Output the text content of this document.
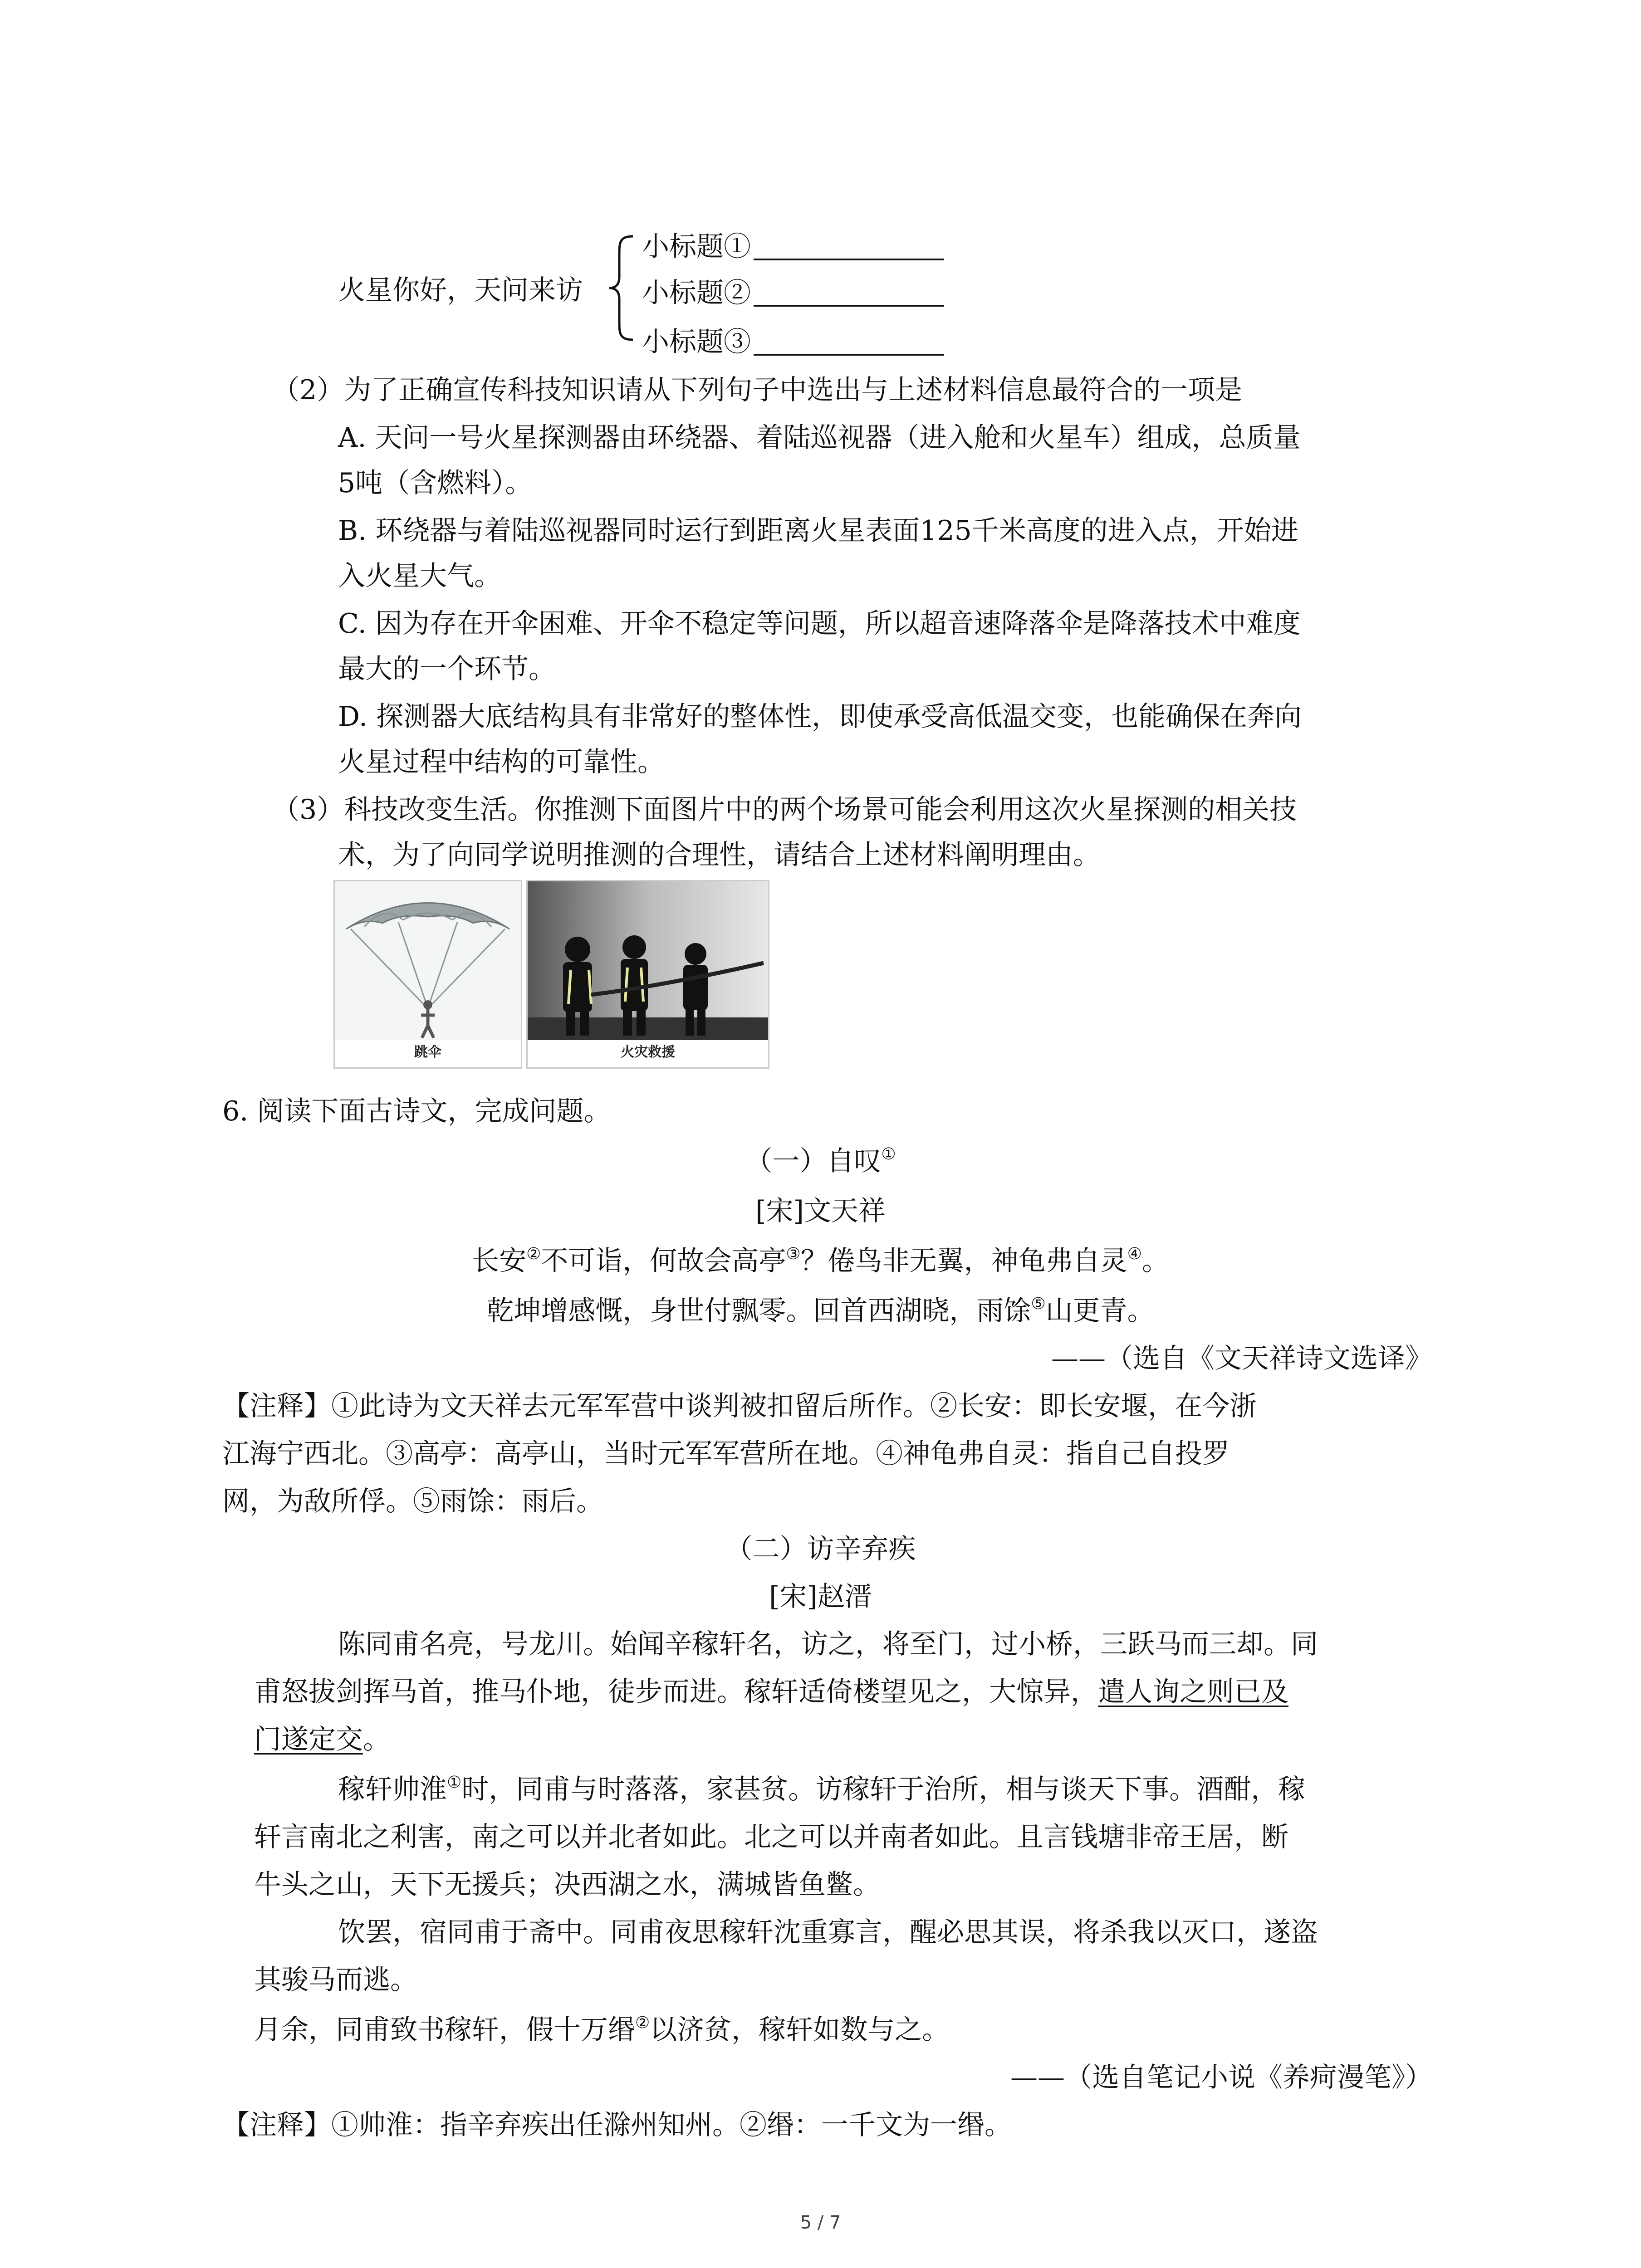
火星你好，天问来访
小标题①
小标题②
小标题③
（2）为了正确宣传科技知识请从下列句子中选出与上述材料信息最符合的一项是
A. 天问一号火星探测器由环绕器、着陆巡视器（进入舱和火星车）组成，总质量
5吨（含燃料）。
B. 环绕器与着陆巡视器同时运行到距离火星表面125千米高度的进入点，开始进
入火星大气。
C. 因为存在开伞困难、开伞不稳定等问题，所以超音速降落伞是降落技术中难度
最大的一个环节。
D. 探测器大底结构具有非常好的整体性，即使承受高低温交变，也能确保在奔向
火星过程中结构的可靠性。
（3）科技改变生活。你推测下面图片中的两个场景可能会利用这次火星探测的相关技
术，为了向同学说明推测的合理性，请结合上述材料阐明理由。
跳伞	火灾救援
6. 阅读下面古诗文，完成问题。
（一）自叹①
[宋]文天祥
长安②不可诣，何故会高亭③？倦鸟非无翼，神龟弗自灵④。
乾坤增感慨，身世付飘零。回首西湖晓，雨馀⑤山更青。
——（选自《文天祥诗文选译》
【注释】①此诗为文天祥去元军军营中谈判被扣留后所作。②长安：即长安堰，在今浙
江海宁西北。③高亭：高亭山，当时元军军营所在地。④神龟弗自灵：指自己自投罗
网，为敌所俘。⑤雨馀：雨后。
（二）访辛弃疾
[宋]赵溍
陈同甫名亮，号龙川。始闻辛稼轩名，访之，将至门，过小桥，三跃马而三却。同
甫怒拔剑挥马首，推马仆地，徒步而进。稼轩适倚楼望见之，大惊异，遣人询之则已及
门遂定交。
稼轩帅淮①时，同甫与时落落，家甚贫。访稼轩于治所，相与谈天下事。酒酣，稼
轩言南北之利害，南之可以并北者如此。北之可以并南者如此。且言钱塘非帝王居，断
牛头之山，天下无援兵；决西湖之水，满城皆鱼鳖。
饮罢，宿同甫于斋中。同甫夜思稼轩沈重寡言，醒必思其误，将杀我以灭口，遂盗
其骏马而逃。
月余，同甫致书稼轩，假十万缗②以济贫，稼轩如数与之。
——（选自笔记小说《养疴漫笔》）
【注释】①帅淮：指辛弃疾出任滁州知州。②缗：一千文为一缗。
5 / 7
